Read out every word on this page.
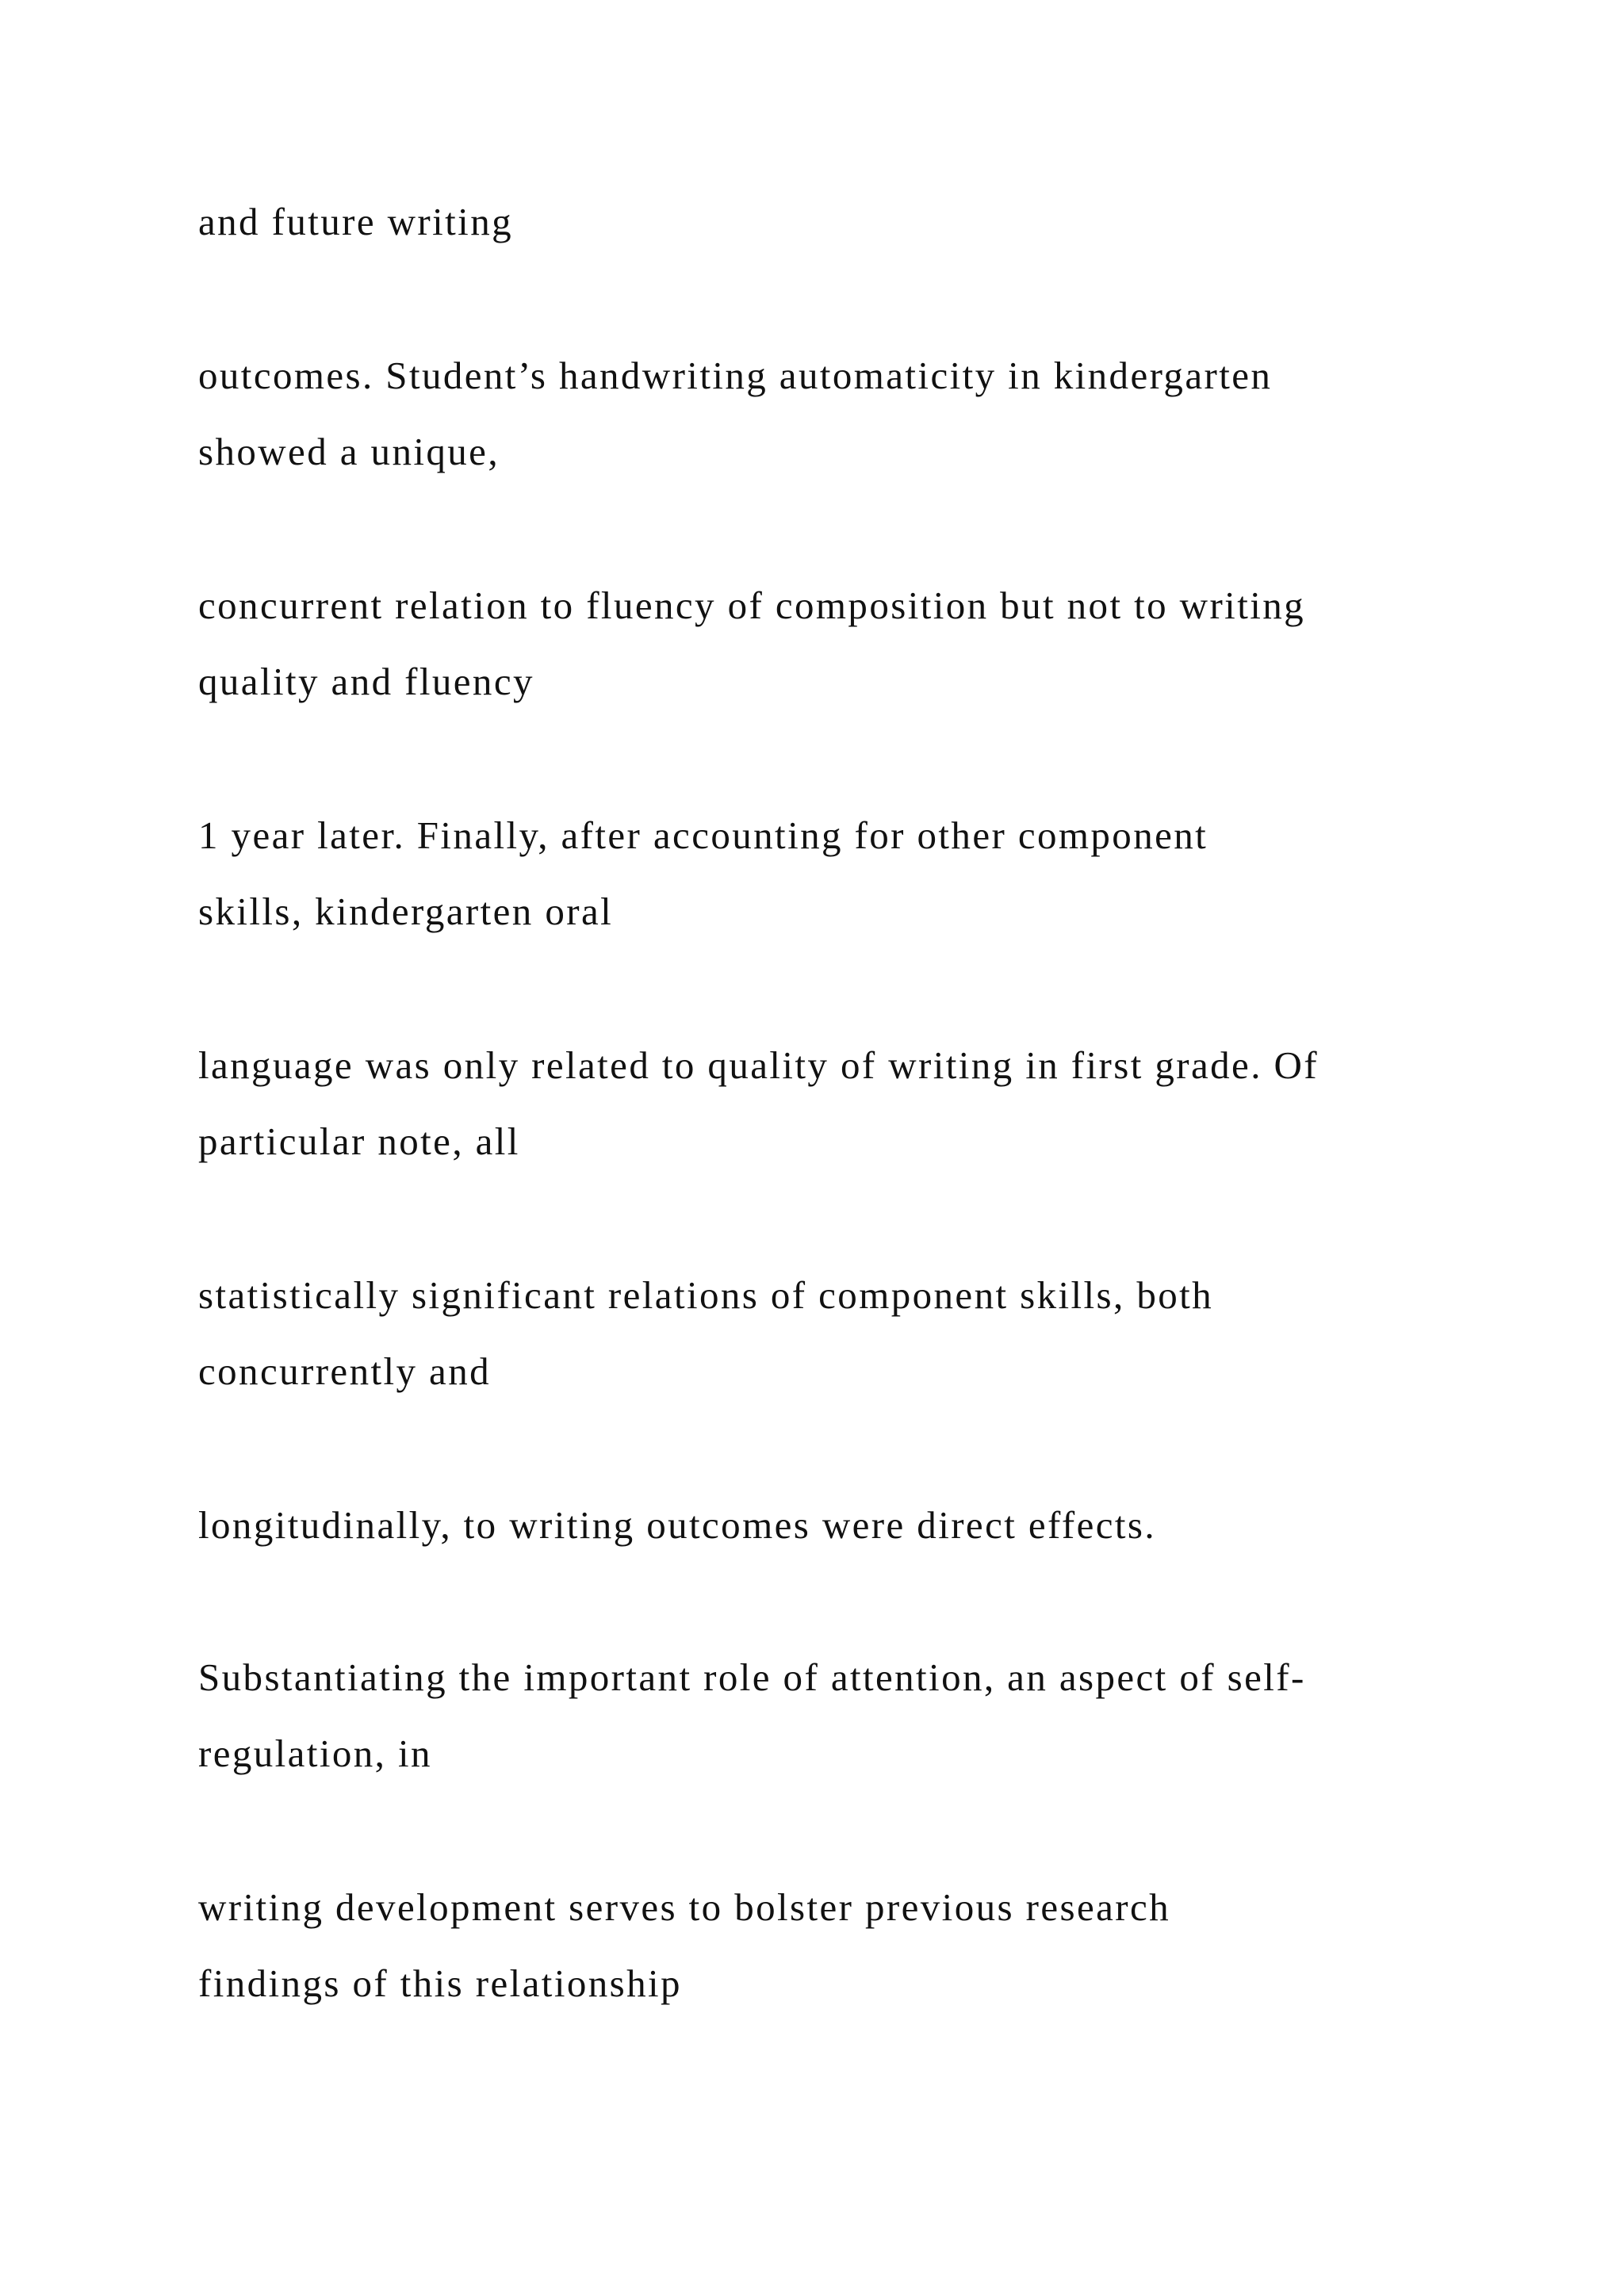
and future writing

outcomes. Student’s handwriting automaticity in kindergarten
showed a unique,

concurrent relation to fluency of composition but not to writing
quality and fluency

1 year later. Finally, after accounting for other component
skills, kindergarten oral

language was only related to quality of writing in first grade. Of
particular note, all

statistically significant relations of component skills, both
concurrently and

longitudinally, to writing outcomes were direct effects.

Substantiating the important role of attention, an aspect of self-
regulation, in

writing development serves to bolster previous research
findings of this relationship
